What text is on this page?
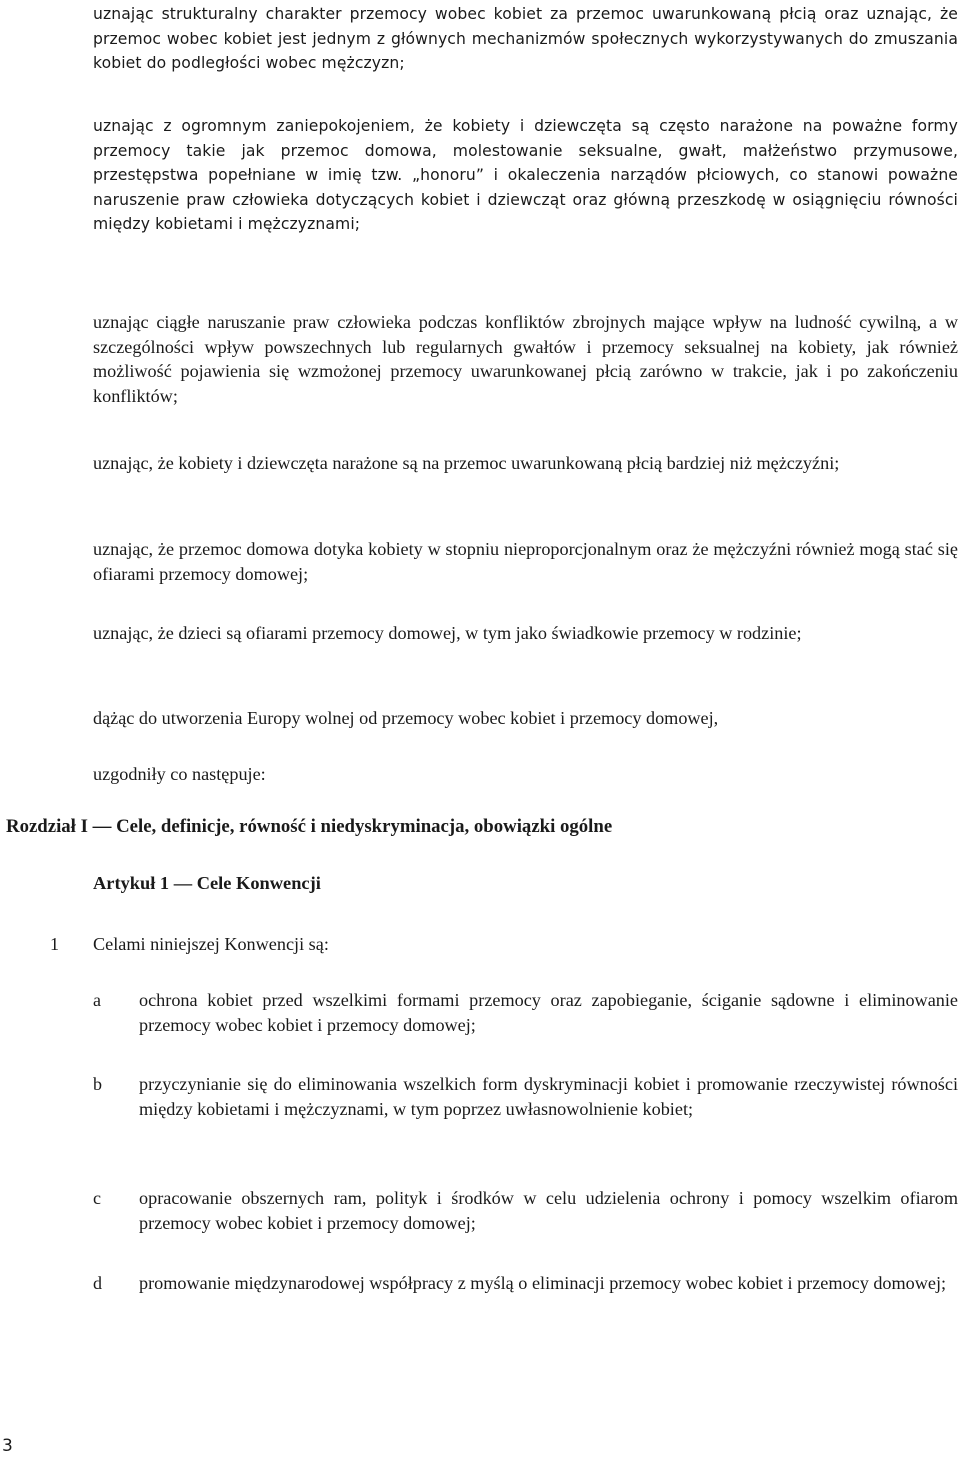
uznając strukturalny charakter przemocy wobec kobiet za przemoc uwarunkowaną płcią oraz uznając, że przemoc wobec kobiet jest jednym z głównych mechanizmów społecznych wykorzystywanych do zmuszania kobiet do podległości wobec mężczyzn;

uznając z ogromnym zaniepokojeniem, że kobiety i dziewczęta są często narażone na poważne formy przemocy takie jak przemoc domowa, molestowanie seksualne, gwałt, małżeństwo przymusowe, przestępstwa popełniane w imię tzw. „honoru” i okaleczenia narządów płciowych, co stanowi poważne naruszenie praw człowieka dotyczących kobiet i dziewcząt oraz główną przeszkodę w osiągnięciu równości między kobietami i mężczyznami;

uznając ciągłe naruszanie praw człowieka podczas konfliktów zbrojnych mające wpływ na ludność cywilną, a w szczególności wpływ powszechnych lub regularnych gwałtów i przemocy seksualnej na kobiety, jak również możliwość pojawienia się wzmożonej przemocy uwarunkowanej płcią zarówno w trakcie, jak i po zakończeniu konfliktów;

uznając, że kobiety i dziewczęta narażone są na przemoc uwarunkowaną płcią bardziej niż mężczyźni;

uznając, że przemoc domowa dotyka kobiety w stopniu nieproporcjonalnym oraz że mężczyźni również mogą stać się ofiarami przemocy domowej;

uznając, że dzieci są ofiarami przemocy domowej, w tym jako świadkowie przemocy w rodzinie;

dążąc do utworzenia Europy wolnej od przemocy wobec kobiet i przemocy domowej,

uzgodniły co następuje:

Rozdział I — Cele, definicje, równość i niedyskryminacja, obowiązki ogólne
Artykuł 1 — Cele Konwencji
1 Celami niniejszej Konwencji są:
a ochrona kobiet przed wszelkimi formami przemocy oraz zapobieganie, ściganie sądowne i eliminowanie przemocy wobec kobiet i przemocy domowej;

b przyczynianie się do eliminowania wszelkich form dyskryminacji kobiet i promowanie rzeczywistej równości między kobietami i mężczyznami, w tym poprzez uwłasnowolnienie kobiet;

c opracowanie obszernych ram, polityk i środków w celu udzielenia ochrony i pomocy wszelkim ofiarom przemocy wobec kobiet i przemocy domowej;

d promowanie międzynarodowej współpracy z myślą o eliminacji przemocy wobec kobiet i przemocy domowej;

3
